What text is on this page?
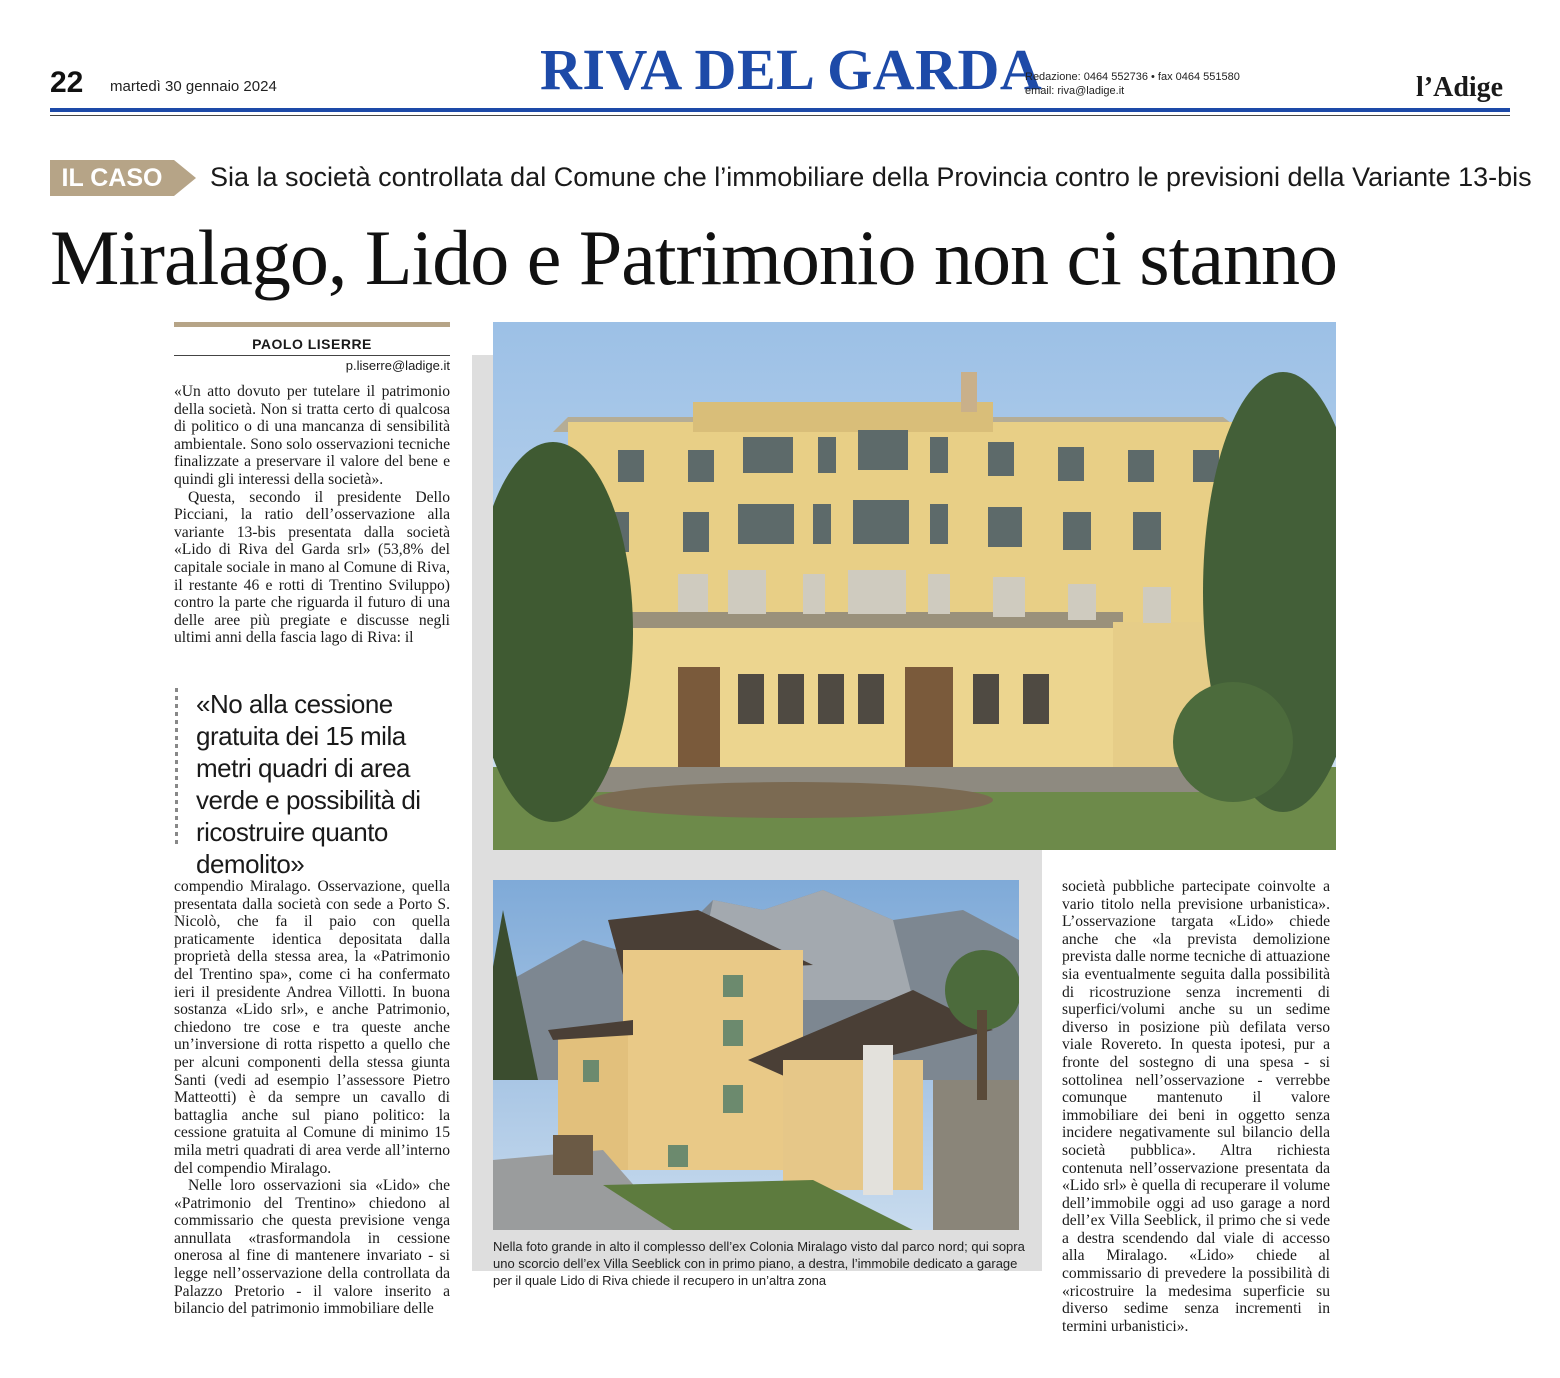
22 martedì 30 gennaio 2024	RIVA DEL GARDA
Redazione: 0464 552736 • fax 0464 551580
email: riva@ladige.it	l’Adige
IL CASO	Sia la società controllata dal Comune che l’immobiliare della Provincia contro le previsioni della Variante 13-bis
Miralago, Lido e Patrimonio non ci stanno
PAOLO LISERRE
p.liserre@ladige.it

«Un atto dovuto per tutelare il patrimonio della società. Non si tratta certo di qualcosa di politico o di una mancanza di sensibilità ambientale. Sono solo osservazioni tecniche finalizzate a preservare il valore del bene e quindi gli interessi della società».

Questa, secondo il presidente Dello Picciani, la ratio dell’osservazione alla variante 13-bis presentata dalla società «Lido di Riva del Garda srl» (53,8% del capitale sociale in mano al Comune di Riva, il restante 46 e rotti di Trentino Sviluppo) contro la parte che riguarda il futuro di una delle aree più pregiate e discusse negli ultimi anni della fascia lago di Riva: il

«No alla cessione gratuita dei 15 mila metri quadri di area verde e possibilità di ricostruire quanto demolito»

compendio Miralago. Osservazione, quella presentata dalla società con sede a Porto S. Nicolò, che fa il paio con quella praticamente identica depositata dalla proprietà della stessa area, la «Patrimonio del Trentino spa», come ci ha confermato ieri il presidente Andrea Villotti. In buona sostanza «Lido srl», e anche Patrimonio, chiedono tre cose e tra queste anche un’inversione di rotta rispetto a quello che per alcuni componenti della stessa giunta Santi (vedi ad esempio l’assessore Pietro Matteotti) è da sempre un cavallo di battaglia anche sul piano politico: la cessione gratuita al Comune di minimo 15 mila metri quadrati di area verde all’interno del compendio Miralago.

Nelle loro osservazioni sia «Lido» che «Patrimonio del Trentino» chiedono al commissario che questa previsione venga annullata «trasformandola in cessione onerosa al fine di mantenere invariato - si legge nell’osservazione della controllata da Palazzo Pretorio - il valore inserito a bilancio del patrimonio immobiliare delle

Nella foto grande in alto il complesso dell’ex Colonia Miralago visto dal parco nord; qui sopra uno scorcio dell’ex Villa Seeblick con in primo piano, a destra, l’immobile dedicato a garage per il quale Lido di Riva chiede il recupero in un’altra zona

società pubbliche partecipate coinvolte a vario titolo nella previsione urbanistica». L’osservazione targata «Lido» chiede anche che «la prevista demolizione prevista dalle norme tecniche di attuazione sia eventualmente seguita dalla possibilità di ricostruzione senza incrementi di superfici/volumi anche su un sedime diverso in posizione più defilata verso viale Rovereto. In questa ipotesi, pur a fronte del sostegno di una spesa - si sottolinea nell’osservazione - verrebbe comunque mantenuto il valore immobiliare dei beni in oggetto senza incidere negativamente sul bilancio della società pubblica». Altra richiesta contenuta nell’osservazione presentata da «Lido srl» è quella di recuperare il volume dell’immobile oggi ad uso garage a nord dell’ex Villa Seeblick, il primo che si vede a destra scendendo dal viale di accesso alla Miralago. «Lido» chiede al commissario di prevedere la possibilità di «ricostruire la medesima superficie su diverso sedime senza incrementi in termini urbanistici».
